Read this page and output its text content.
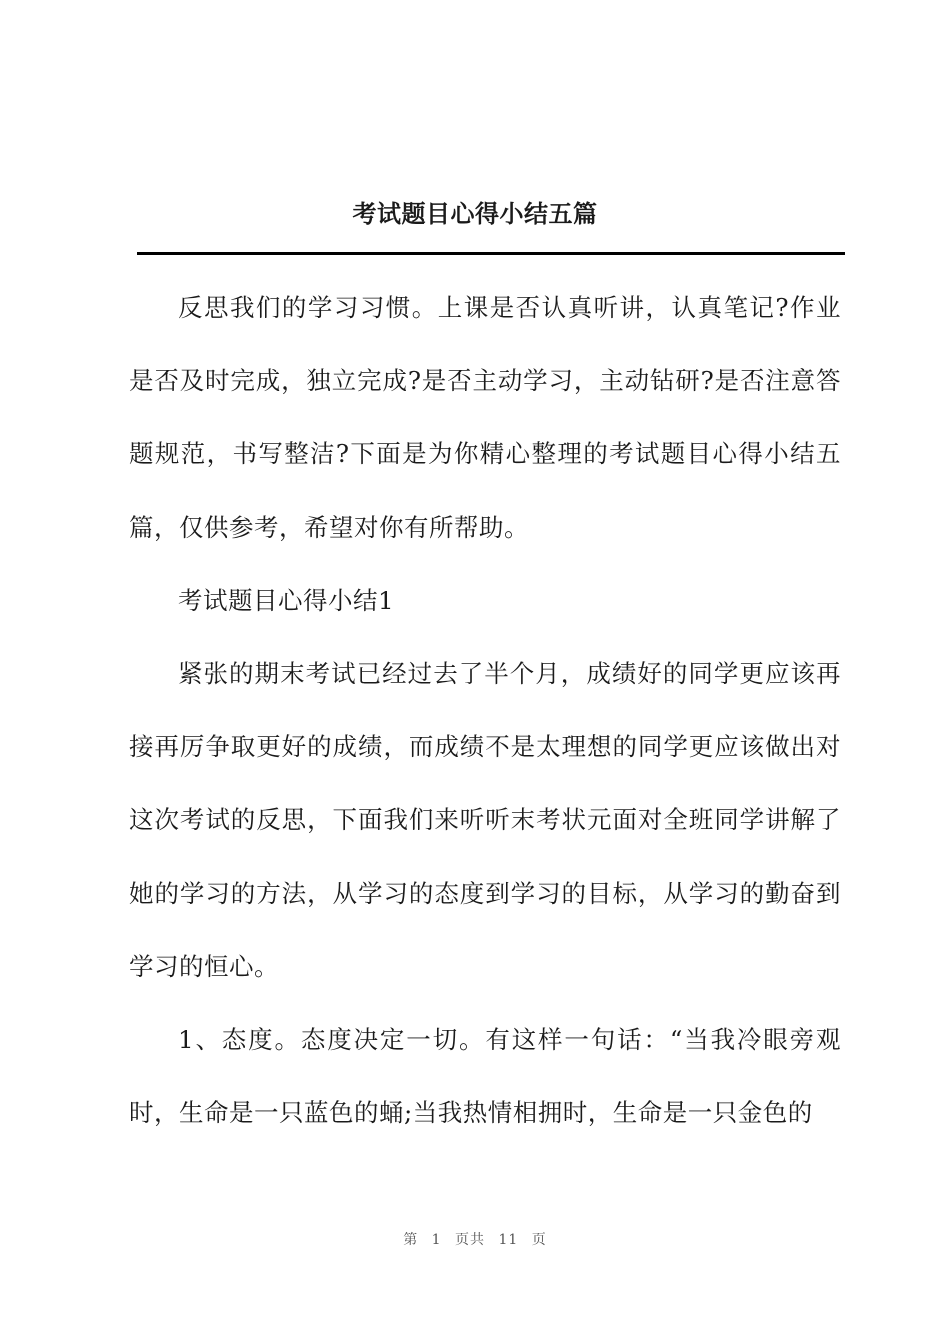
考试题目心得小结五篇

反思我们的学习习惯。上课是否认真听讲，认真笔记?作业是否及时完成，独立完成?是否主动学习，主动钻研?是否注意答题规范，书写整洁?下面是为你精心整理的考试题目心得小结五篇，仅供参考，希望对你有所帮助。

考试题目心得小结1

紧张的期末考试已经过去了半个月，成绩好的同学更应该再接再厉争取更好的成绩，而成绩不是太理想的同学更应该做出对这次考试的反思，下面我们来听听末考状元面对全班同学讲解了她的学习的方法，从学习的态度到学习的目标，从学习的勤奋到学习的恒心。

1、态度。态度决定一切。有这样一句话：“当我冷眼旁观时，生命是一只蓝色的蛹;当我热情相拥时，生命是一只金色的

第 1 页共 11 页
